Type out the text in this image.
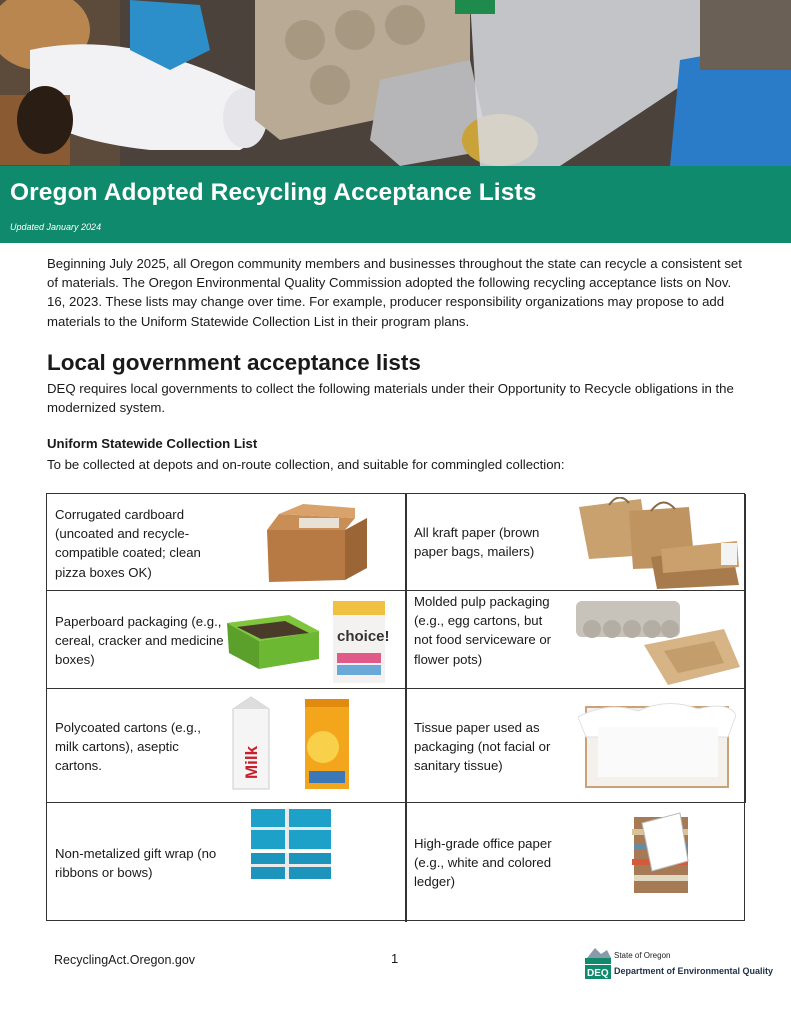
Oregon Adopted Recycling Acceptance Lists
Updated January 2024

Beginning July 2025, all Oregon community members and businesses throughout the state can recycle a consistent set of materials. The Oregon Environmental Quality Commission adopted the following recycling acceptance lists on Nov. 16, 2023. These lists may change over time. For example, producer responsibility organizations may propose to add materials to the Uniform Statewide Collection List in their program plans.

Local government acceptance lists

DEQ requires local governments to collect the following materials under their Opportunity to Recycle obligations in the modernized system.

Uniform Statewide Collection List
To be collected at depots and on-route collection, and suitable for commingled collection:
Corrugated cardboard (uncoated and recycle-compatible coated; clean pizza boxes OK)
All kraft paper (brown paper bags, mailers)
Paperboard packaging (e.g., cereal, cracker and medicine boxes)
choice!
Molded pulp packaging (e.g., egg cartons, but not food serviceware or flower pots)
Polycoated cartons (e.g., milk cartons), aseptic cartons.	Milk
Tissue paper used as packaging (not facial or sanitary tissue)
Non-metalized gift wrap (no ribbons or bows)
High-grade office paper (e.g., white and colored ledger)
RecyclingAct.Oregon.gov	1
DEQ
State of Oregon
Department of Environmental Quality
